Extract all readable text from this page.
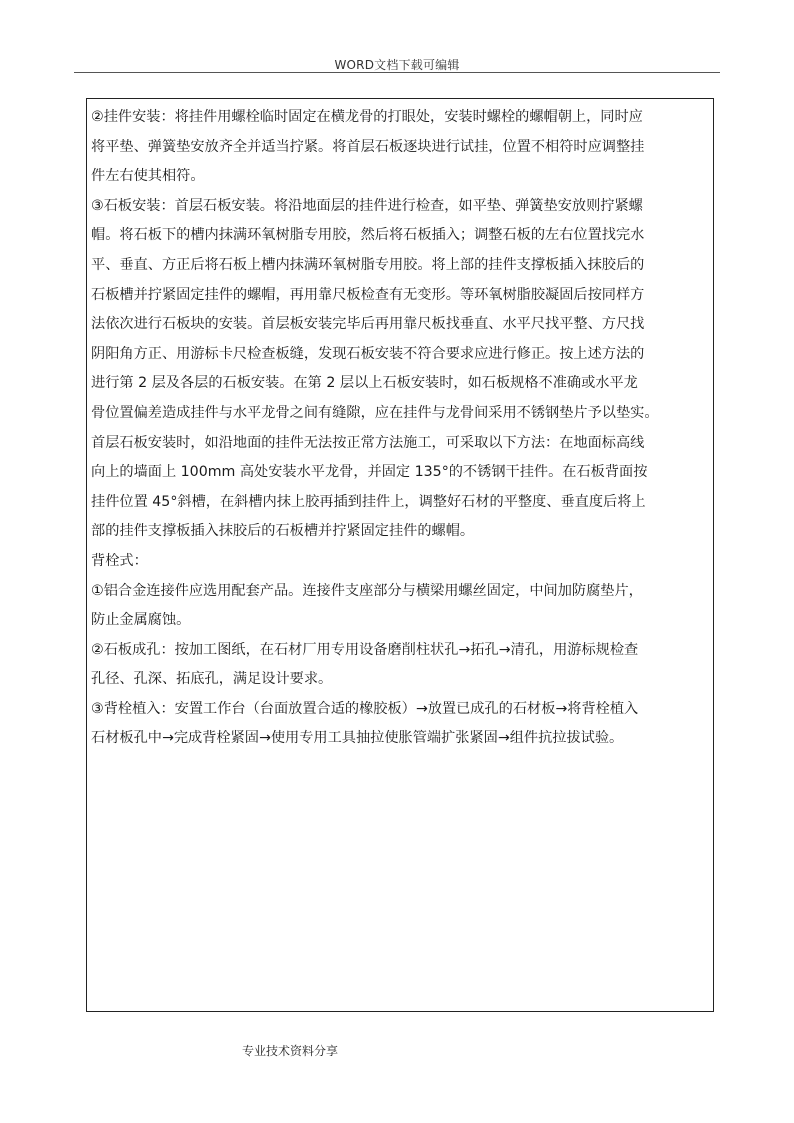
WORD文档下载可编辑

②挂件安装：将挂件用螺栓临时固定在横龙骨的打眼处，安装时螺栓的螺帽朝上，同时应
将平垫、弹簧垫安放齐全并适当拧紧。将首层石板逐块进行试挂，位置不相符时应调整挂
件左右使其相符。

③石板安装：首层石板安装。将沿地面层的挂件进行检查，如平垫、弹簧垫安放则拧紧螺
帽。将石板下的槽内抹满环氧树脂专用胶，然后将石板插入；调整石板的左右位置找完水
平、垂直、方正后将石板上槽内抹满环氧树脂专用胶。将上部的挂件支撑板插入抹胶后的
石板槽并拧紧固定挂件的螺帽，再用靠尺板检查有无变形。等环氧树脂胶凝固后按同样方
法依次进行石板块的安装。首层板安装完毕后再用靠尺板找垂直、水平尺找平整、方尺找
阴阳角方正、用游标卡尺检查板缝，发现石板安装不符合要求应进行修正。按上述方法的
进行第 2 层及各层的石板安装。在第 2 层以上石板安装时，如石板规格不准确或水平龙
骨位置偏差造成挂件与水平龙骨之间有缝隙，应在挂件与龙骨间采用不锈钢垫片予以垫实。

首层石板安装时，如沿地面的挂件无法按正常方法施工，可采取以下方法：在地面标高线
向上的墙面上 100mm 高处安装水平龙骨，并固定 135°的不锈钢干挂件。在石板背面按
挂件位置 45°斜槽，在斜槽内抹上胶再插到挂件上，调整好石材的平整度、垂直度后将上
部的挂件支撑板插入抹胶后的石板槽并拧紧固定挂件的螺帽。

背栓式：

①铝合金连接件应选用配套产品。连接件支座部分与横梁用螺丝固定，中间加防腐垫片，
防止金属腐蚀。

②石板成孔：按加工图纸，在石材厂用专用设备磨削柱状孔→拓孔→清孔，用游标规检查
孔径、孔深、拓底孔，满足设计要求。

③背栓植入：安置工作台（台面放置合适的橡胶板）→放置已成孔的石材板→将背栓植入
石材板孔中→完成背栓紧固→使用专用工具抽拉使胀管端扩张紧固→组件抗拉拔试验。

专业技术资料分享
